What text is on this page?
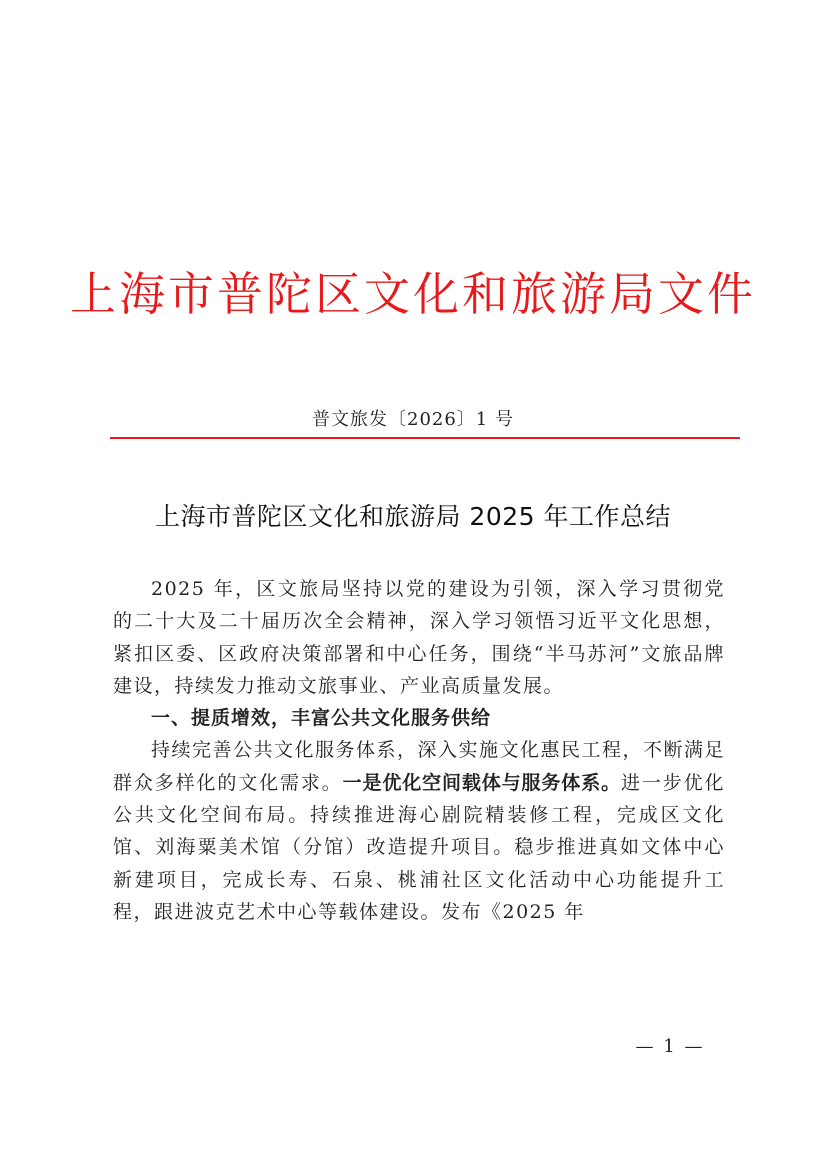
上海市普陀区文化和旅游局文件
普文旅发〔2026〕1 号
上海市普陀区文化和旅游局 2025 年工作总结

2025 年，区文旅局坚持以党的建设为引领，深入学习贯彻党的二十大及二十届历次全会精神，深入学习领悟习近平文化思想，紧扣区委、区政府决策部署和中心任务，围绕“半马苏河”文旅品牌建设，持续发力推动文旅事业、产业高质量发展。

一、提质增效，丰富公共文化服务供给

持续完善公共文化服务体系，深入实施文化惠民工程，不断满足群众多样化的文化需求。一是优化空间载体与服务体系。进一步优化公共文化空间布局。持续推进海心剧院精装修工程，完成区文化馆、刘海粟美术馆（分馆）改造提升项目。稳步推进真如文体中心新建项目，完成长寿、石泉、桃浦社区文化活动中心功能提升工程，跟进波克艺术中心等载体建设。发布《2025 年

— 1 —
